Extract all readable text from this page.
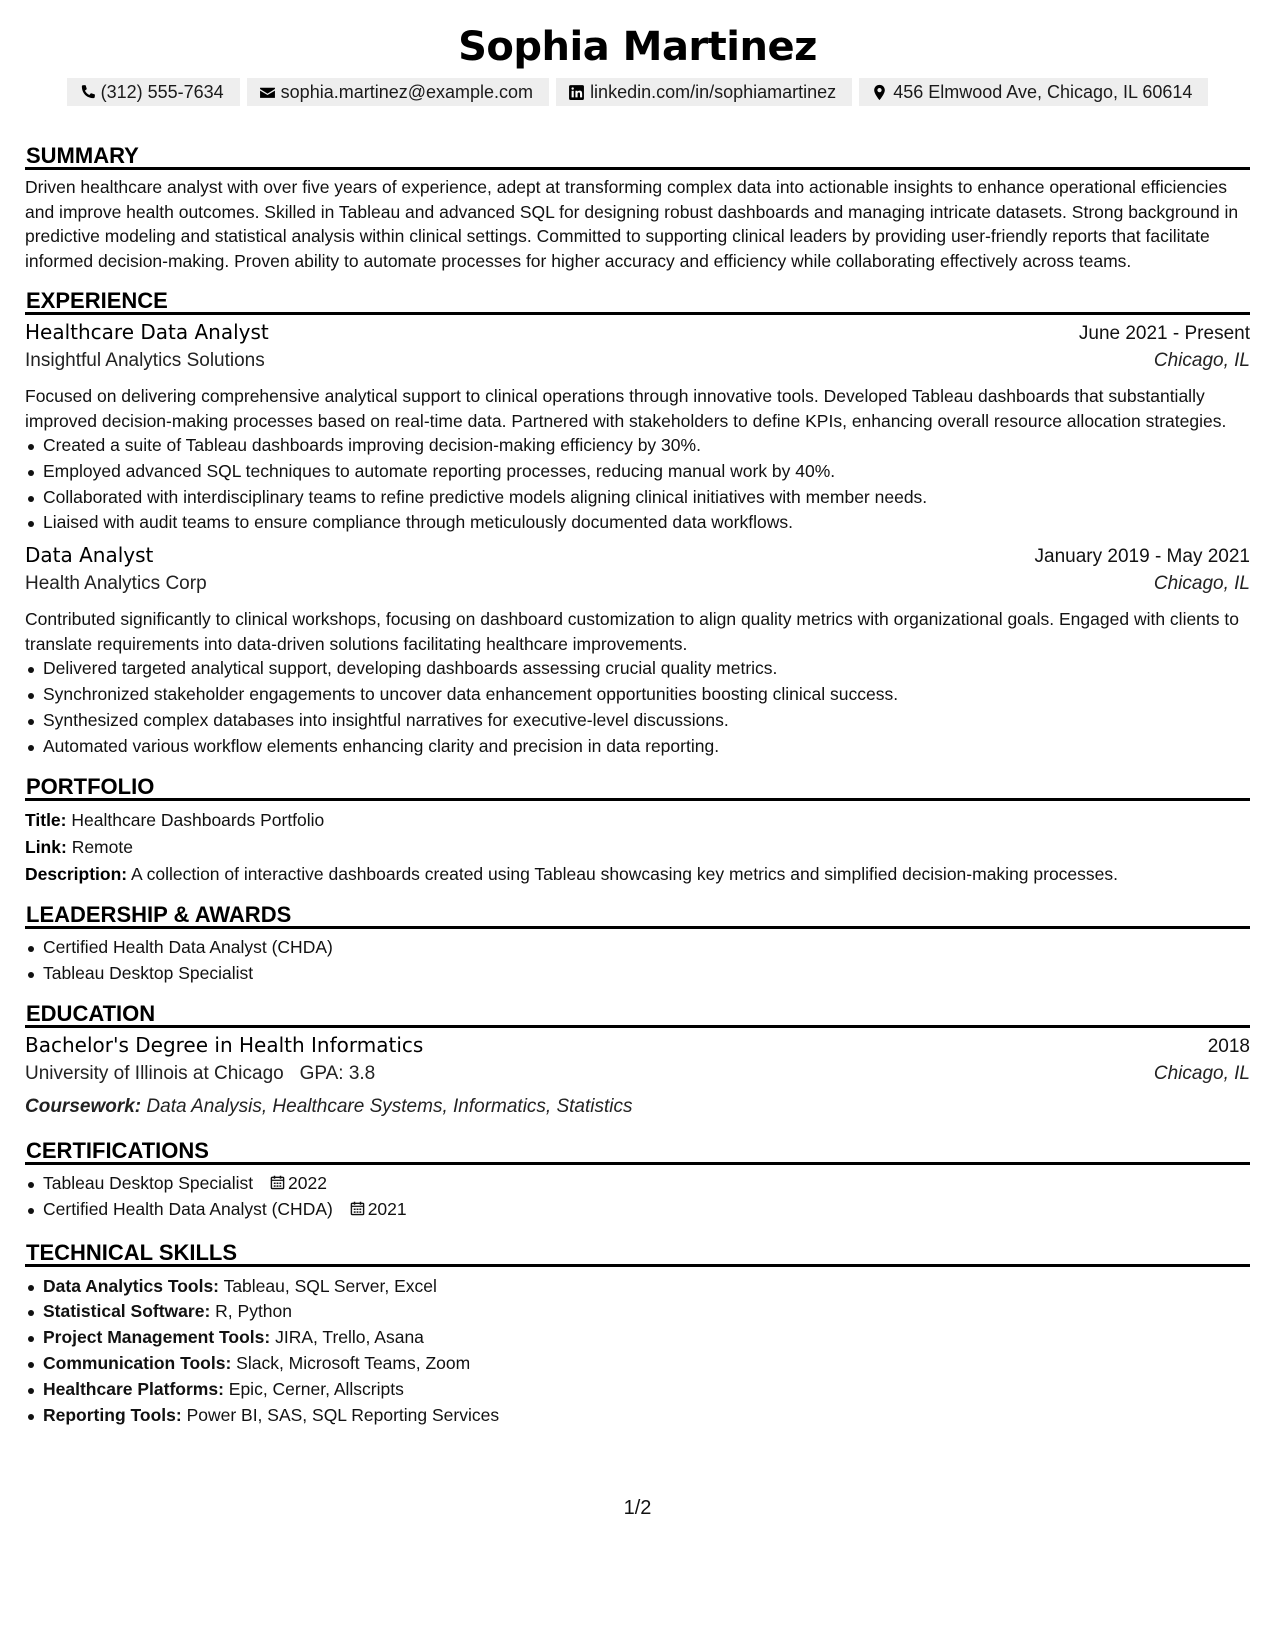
Sophia Martinez
(312) 555-7634	sophia.martinez@example.com	linkedin.com/in/sophiamartinez	456 Elmwood Ave, Chicago, IL 60614
SUMMARY
Driven healthcare analyst with over five years of experience, adept at transforming complex data into actionable insights to enhance operational efficiencies and improve health outcomes. Skilled in Tableau and advanced SQL for designing robust dashboards and managing intricate datasets. Strong background in predictive modeling and statistical analysis within clinical settings. Committed to supporting clinical leaders by providing user-friendly reports that facilitate informed decision-making. Proven ability to automate processes for higher accuracy and efficiency while collaborating effectively across teams.
EXPERIENCE
Healthcare Data Analyst	June 2021 - Present
Insightful Analytics Solutions	Chicago, IL
Focused on delivering comprehensive analytical support to clinical operations through innovative tools. Developed Tableau dashboards that substantially improved decision-making processes based on real-time data. Partnered with stakeholders to define KPIs, enhancing overall resource allocation strategies.
Created a suite of Tableau dashboards improving decision-making efficiency by 30%.
Employed advanced SQL techniques to automate reporting processes, reducing manual work by 40%.
Collaborated with interdisciplinary teams to refine predictive models aligning clinical initiatives with member needs.
Liaised with audit teams to ensure compliance through meticulously documented data workflows.
Data Analyst	January 2019 - May 2021
Health Analytics Corp	Chicago, IL
Contributed significantly to clinical workshops, focusing on dashboard customization to align quality metrics with organizational goals. Engaged with clients to translate requirements into data-driven solutions facilitating healthcare improvements.
Delivered targeted analytical support, developing dashboards assessing crucial quality metrics.
Synchronized stakeholder engagements to uncover data enhancement opportunities boosting clinical success.
Synthesized complex databases into insightful narratives for executive-level discussions.
Automated various workflow elements enhancing clarity and precision in data reporting.
PORTFOLIO
Title: Healthcare Dashboards Portfolio
Link: Remote
Description: A collection of interactive dashboards created using Tableau showcasing key metrics and simplified decision-making processes.
LEADERSHIP & AWARDS
Certified Health Data Analyst (CHDA)
Tableau Desktop Specialist
EDUCATION
Bachelor's Degree in Health Informatics	2018
University of Illinois at Chicago GPA: 3.8	Chicago, IL
Coursework: Data Analysis, Healthcare Systems, Informatics, Statistics
CERTIFICATIONS
Tableau Desktop Specialist 2022
Certified Health Data Analyst (CHDA) 2021
TECHNICAL SKILLS
Data Analytics Tools: Tableau, SQL Server, Excel
Statistical Software: R, Python
Project Management Tools: JIRA, Trello, Asana
Communication Tools: Slack, Microsoft Teams, Zoom
Healthcare Platforms: Epic, Cerner, Allscripts
Reporting Tools: Power BI, SAS, SQL Reporting Services
1/2
